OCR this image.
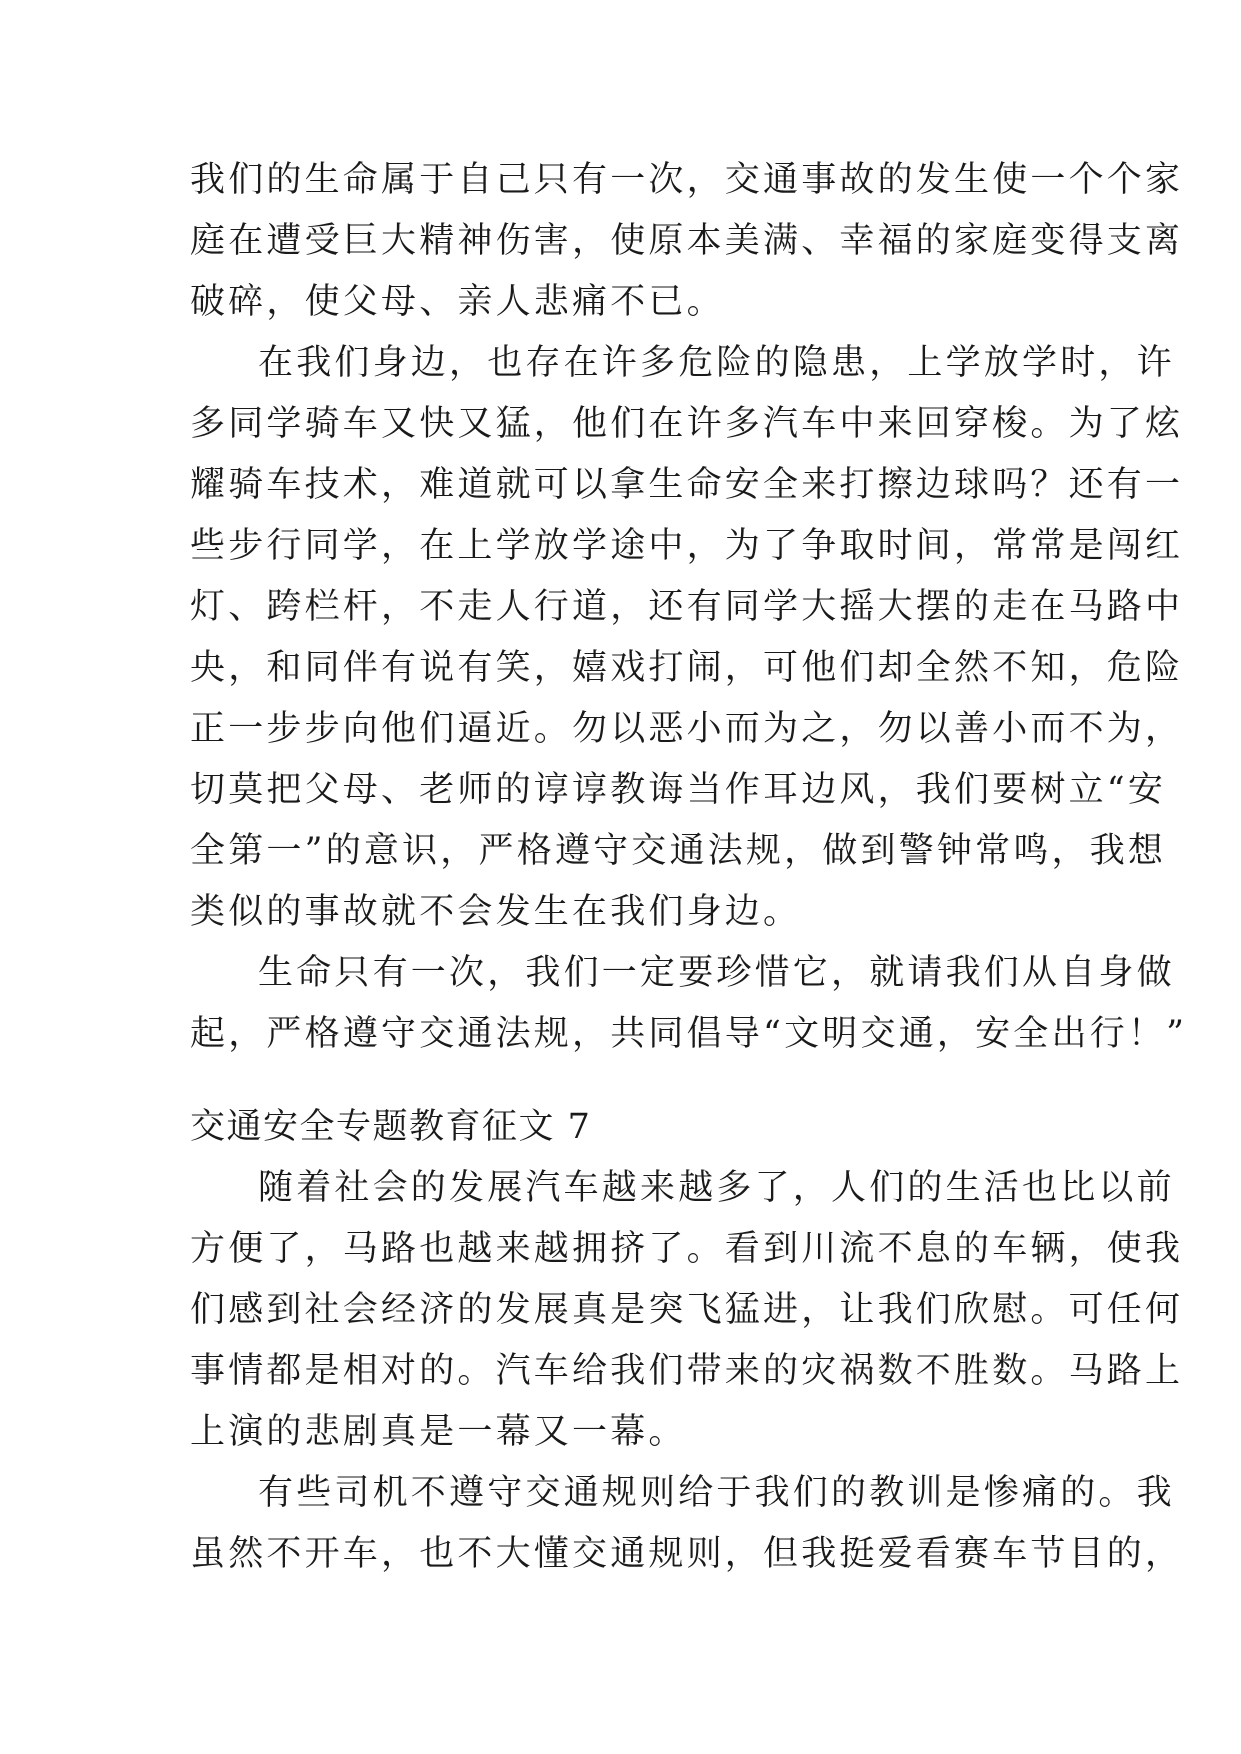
我们的生命属于自己只有一次，交通事故的发生使一个个家
庭在遭受巨大精神伤害，使原本美满、幸福的家庭变得支离
破碎，使父母、亲人悲痛不已。
在我们身边，也存在许多危险的隐患，上学放学时，许
多同学骑车又快又猛，他们在许多汽车中来回穿梭。为了炫
耀骑车技术，难道就可以拿生命安全来打擦边球吗？还有一
些步行同学，在上学放学途中，为了争取时间，常常是闯红
灯、跨栏杆，不走人行道，还有同学大摇大摆的走在马路中
央，和同伴有说有笑，嬉戏打闹，可他们却全然不知，危险
正一步步向他们逼近。勿以恶小而为之，勿以善小而不为，
切莫把父母、老师的谆谆教诲当作耳边风，我们要树立“安
全第一”的意识，严格遵守交通法规，做到警钟常鸣，我想
类似的事故就不会发生在我们身边。
生命只有一次，我们一定要珍惜它，就请我们从自身做
起，严格遵守交通法规，共同倡导“文明交通，安全出行！”
交通安全专题教育征文 7
随着社会的发展汽车越来越多了，人们的生活也比以前
方便了，马路也越来越拥挤了。看到川流不息的车辆，使我
们感到社会经济的发展真是突飞猛进，让我们欣慰。可任何
事情都是相对的。汽车给我们带来的灾祸数不胜数。马路上
上演的悲剧真是一幕又一幕。
有些司机不遵守交通规则给于我们的教训是惨痛的。我
虽然不开车，也不大懂交通规则，但我挺爱看赛车节目的，
